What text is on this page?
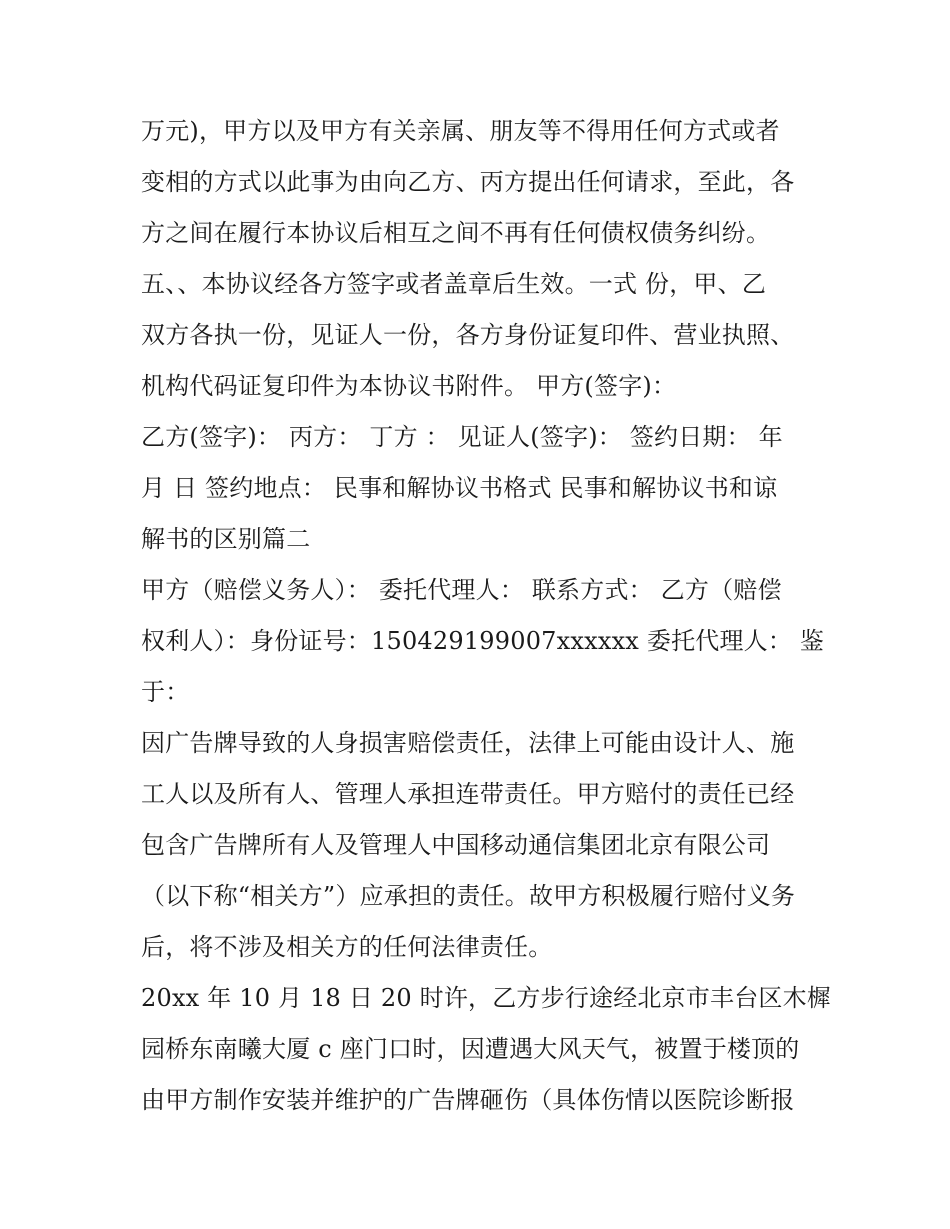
万元)，甲方以及甲方有关亲属、朋友等不得用任何方式或者
变相的方式以此事为由向乙方、丙方提出任何请求，至此，各
方之间在履行本协议后相互之间不再有任何债权债务纠纷。
五、、本协议经各方签字或者盖章后生效。一式 份，甲、乙
双方各执一份，见证人一份，各方身份证复印件、营业执照、
机构代码证复印件为本协议书附件。 甲方(签字)：
乙方(签字)： 丙方： 丁方 ： 见证人(签字)： 签约日期： 年
月 日 签约地点： 民事和解协议书格式 民事和解协议书和谅
解书的区别篇二
甲方（赔偿义务人）： 委托代理人： 联系方式： 乙方（赔偿
权利人）：身份证号：150429199007xxxxxx 委托代理人： 鉴
于：
因广告牌导致的人身损害赔偿责任，法律上可能由设计人、施
工人以及所有人、管理人承担连带责任。甲方赔付的责任已经
包含广告牌所有人及管理人中国移动通信集团北京有限公司
（以下称“相关方”）应承担的责任。故甲方积极履行赔付义务
后，将不涉及相关方的任何法律责任。
20xx 年 10 月 18 日 20 时许，乙方步行途经北京市丰台区木樨
园桥东南曦大厦 c 座门口时，因遭遇大风天气，被置于楼顶的
由甲方制作安装并维护的广告牌砸伤（具体伤情以医院诊断报
